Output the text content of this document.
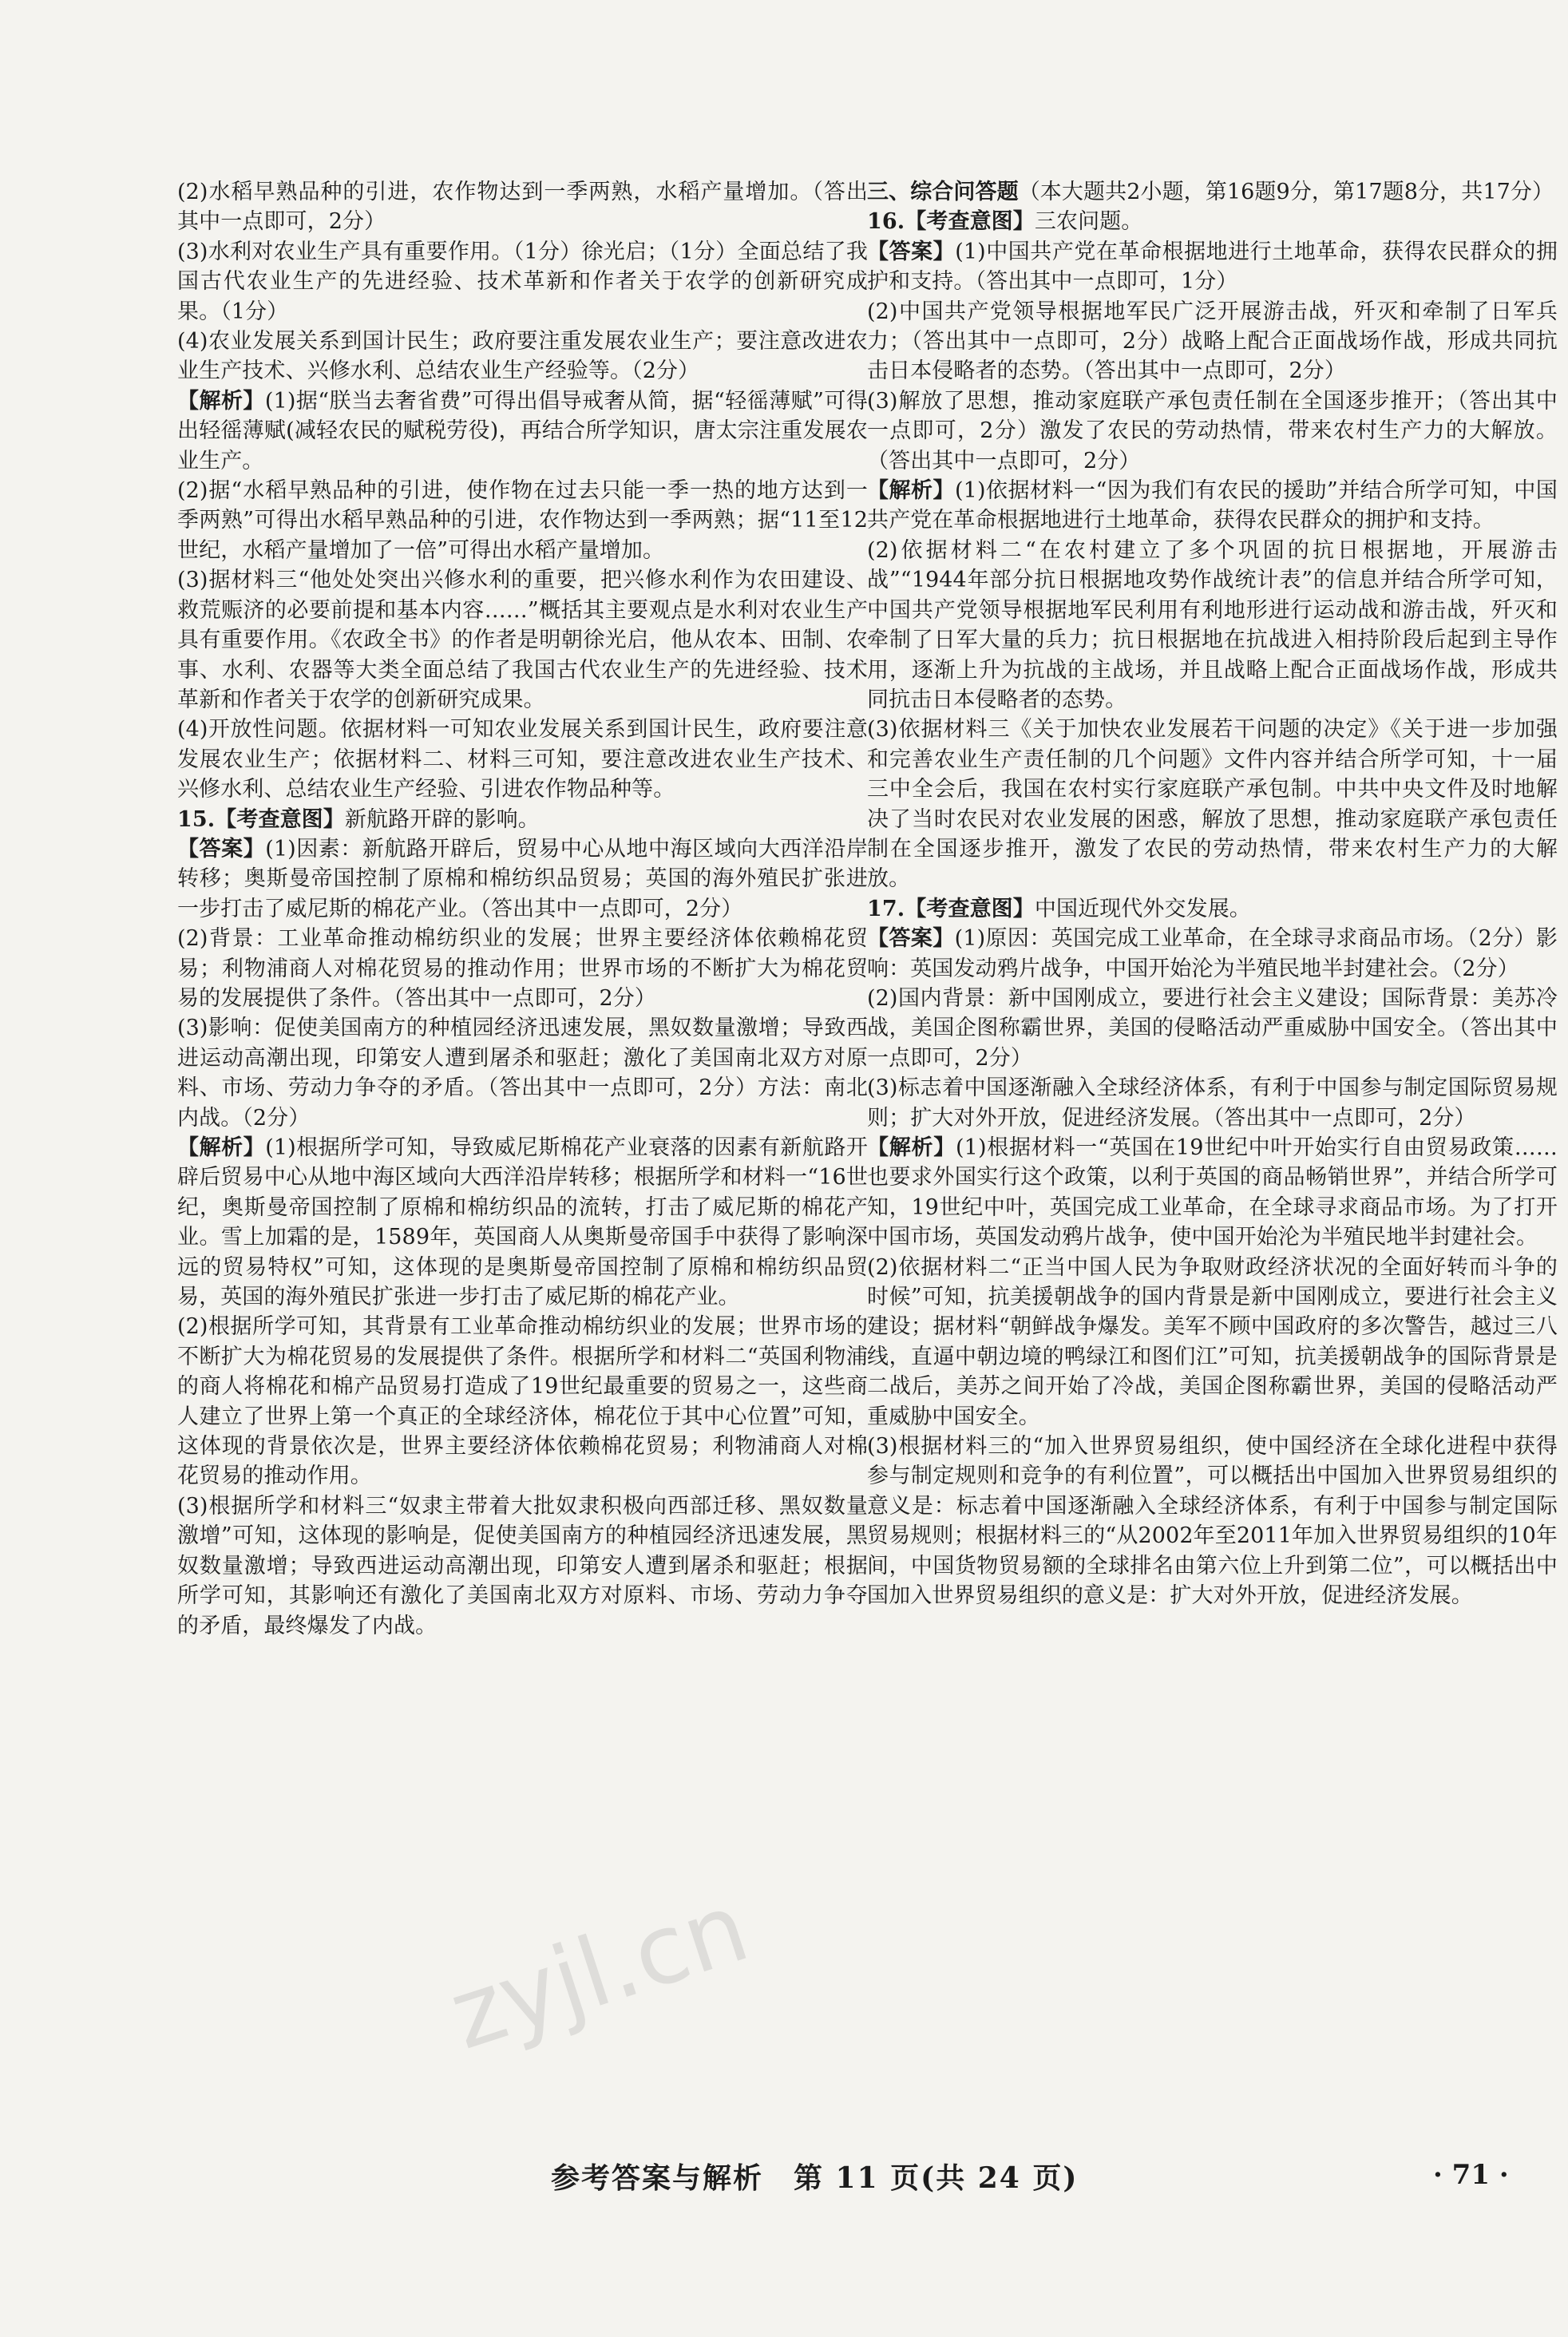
(2)水稻早熟品种的引进，农作物达到一季两熟，水稻产量增加。（答出其中一点即可，2分）

(3)水利对农业生产具有重要作用。（1分）徐光启；（1分）全面总结了我国古代农业生产的先进经验、技术革新和作者关于农学的创新研究成果。（1分）

(4)农业发展关系到国计民生；政府要注重发展农业生产；要注意改进农业生产技术、兴修水利、总结农业生产经验等。（2分）

【解析】(1)据“朕当去奢省费”可得出倡导戒奢从简，据“轻徭薄赋”可得出轻徭薄赋(减轻农民的赋税劳役)，再结合所学知识，唐太宗注重发展农业生产。

(2)据“水稻早熟品种的引进，使作物在过去只能一季一热的地方达到一季两熟”可得出水稻早熟品种的引进，农作物达到一季两熟；据“11至12世纪，水稻产量增加了一倍”可得出水稻产量增加。

(3)据材料三“他处处突出兴修水利的重要，把兴修水利作为农田建设、救荒赈济的必要前提和基本内容……”概括其主要观点是水利对农业生产具有重要作用。《农政全书》的作者是明朝徐光启，他从农本、田制、农事、水利、农器等大类全面总结了我国古代农业生产的先进经验、技术革新和作者关于农学的创新研究成果。

(4)开放性问题。依据材料一可知农业发展关系到国计民生，政府要注意发展农业生产；依据材料二、材料三可知，要注意改进农业生产技术、兴修水利、总结农业生产经验、引进农作物品种等。

15.【考查意图】新航路开辟的影响。

【答案】(1)因素：新航路开辟后，贸易中心从地中海区域向大西洋沿岸转移；奥斯曼帝国控制了原棉和棉纺织品贸易；英国的海外殖民扩张进一步打击了威尼斯的棉花产业。（答出其中一点即可，2分）

(2)背景：工业革命推动棉纺织业的发展；世界主要经济体依赖棉花贸易；利物浦商人对棉花贸易的推动作用；世界市场的不断扩大为棉花贸易的发展提供了条件。（答出其中一点即可，2分）

(3)影响：促使美国南方的种植园经济迅速发展，黑奴数量激增；导致西进运动高潮出现，印第安人遭到屠杀和驱赶；激化了美国南北双方对原料、市场、劳动力争夺的矛盾。（答出其中一点即可，2分）方法：南北内战。（2分）

【解析】(1)根据所学可知，导致威尼斯棉花产业衰落的因素有新航路开辟后贸易中心从地中海区域向大西洋沿岸转移；根据所学和材料一“16世纪，奥斯曼帝国控制了原棉和棉纺织品的流转，打击了威尼斯的棉花产业。雪上加霜的是，1589年，英国商人从奥斯曼帝国手中获得了影响深远的贸易特权”可知，这体现的是奥斯曼帝国控制了原棉和棉纺织品贸易，英国的海外殖民扩张进一步打击了威尼斯的棉花产业。

(2)根据所学可知，其背景有工业革命推动棉纺织业的发展；世界市场的不断扩大为棉花贸易的发展提供了条件。根据所学和材料二“英国利物浦的商人将棉花和棉产品贸易打造成了19世纪最重要的贸易之一，这些商人建立了世界上第一个真正的全球经济体，棉花位于其中心位置”可知，这体现的背景依次是，世界主要经济体依赖棉花贸易；利物浦商人对棉花贸易的推动作用。

(3)根据所学和材料三“奴隶主带着大批奴隶积极向西部迁移、黑奴数量激增”可知，这体现的影响是，促使美国南方的种植园经济迅速发展，黑奴数量激增；导致西进运动高潮出现，印第安人遭到屠杀和驱赶；根据所学可知，其影响还有激化了美国南北双方对原料、市场、劳动力争夺的矛盾，最终爆发了内战。

三、综合问答题（本大题共2小题，第16题9分，第17题8分，共17分）

16.【考查意图】三农问题。

【答案】(1)中国共产党在革命根据地进行土地革命，获得农民群众的拥护和支持。（答出其中一点即可，1分）

(2)中国共产党领导根据地军民广泛开展游击战，歼灭和牵制了日军兵力；（答出其中一点即可，2分）战略上配合正面战场作战，形成共同抗击日本侵略者的态势。（答出其中一点即可，2分）

(3)解放了思想，推动家庭联产承包责任制在全国逐步推开；（答出其中一点即可，2分）激发了农民的劳动热情，带来农村生产力的大解放。（答出其中一点即可，2分）

【解析】(1)依据材料一“因为我们有农民的援助”并结合所学可知，中国共产党在革命根据地进行土地革命，获得农民群众的拥护和支持。

(2)依据材料二“在农村建立了多个巩固的抗日根据地，开展游击战”“1944年部分抗日根据地攻势作战统计表”的信息并结合所学可知，中国共产党领导根据地军民利用有利地形进行运动战和游击战，歼灭和牵制了日军大量的兵力；抗日根据地在抗战进入相持阶段后起到主导作用，逐渐上升为抗战的主战场，并且战略上配合正面战场作战，形成共同抗击日本侵略者的态势。

(3)依据材料三《关于加快农业发展若干问题的决定》《关于进一步加强和完善农业生产责任制的几个问题》文件内容并结合所学可知，十一届三中全会后，我国在农村实行家庭联产承包制。中共中央文件及时地解决了当时农民对农业发展的困惑，解放了思想，推动家庭联产承包责任制在全国逐步推开，激发了农民的劳动热情，带来农村生产力的大解放。

17.【考查意图】中国近现代外交发展。

【答案】(1)原因：英国完成工业革命，在全球寻求商品市场。（2分）影响：英国发动鸦片战争，中国开始沦为半殖民地半封建社会。（2分）

(2)国内背景：新中国刚成立，要进行社会主义建设；国际背景：美苏冷战，美国企图称霸世界，美国的侵略活动严重威胁中国安全。（答出其中一点即可，2分）

(3)标志着中国逐渐融入全球经济体系，有利于中国参与制定国际贸易规则；扩大对外开放，促进经济发展。（答出其中一点即可，2分）

【解析】(1)根据材料一“英国在19世纪中叶开始实行自由贸易政策……也要求外国实行这个政策，以利于英国的商品畅销世界”，并结合所学可知，19世纪中叶，英国完成工业革命，在全球寻求商品市场。为了打开中国市场，英国发动鸦片战争，使中国开始沦为半殖民地半封建社会。

(2)依据材料二“正当中国人民为争取财政经济状况的全面好转而斗争的时候”可知，抗美援朝战争的国内背景是新中国刚成立，要进行社会主义建设；据材料“朝鲜战争爆发。美军不顾中国政府的多次警告，越过三八线，直逼中朝边境的鸭绿江和图们江”可知，抗美援朝战争的国际背景是二战后，美苏之间开始了冷战，美国企图称霸世界，美国的侵略活动严重威胁中国安全。

(3)根据材料三的“加入世界贸易组织，使中国经济在全球化进程中获得参与制定规则和竞争的有利位置”，可以概括出中国加入世界贸易组织的意义是：标志着中国逐渐融入全球经济体系，有利于中国参与制定国际贸易规则；根据材料三的“从2002年至2011年加入世界贸易组织的10年间，中国货物贸易额的全球排名由第六位上升到第二位”，可以概括出中国加入世界贸易组织的意义是：扩大对外开放，促进经济发展。

zyjl.cn
参考答案与解析　第 11 页(共 24 页)	· 71 ·
